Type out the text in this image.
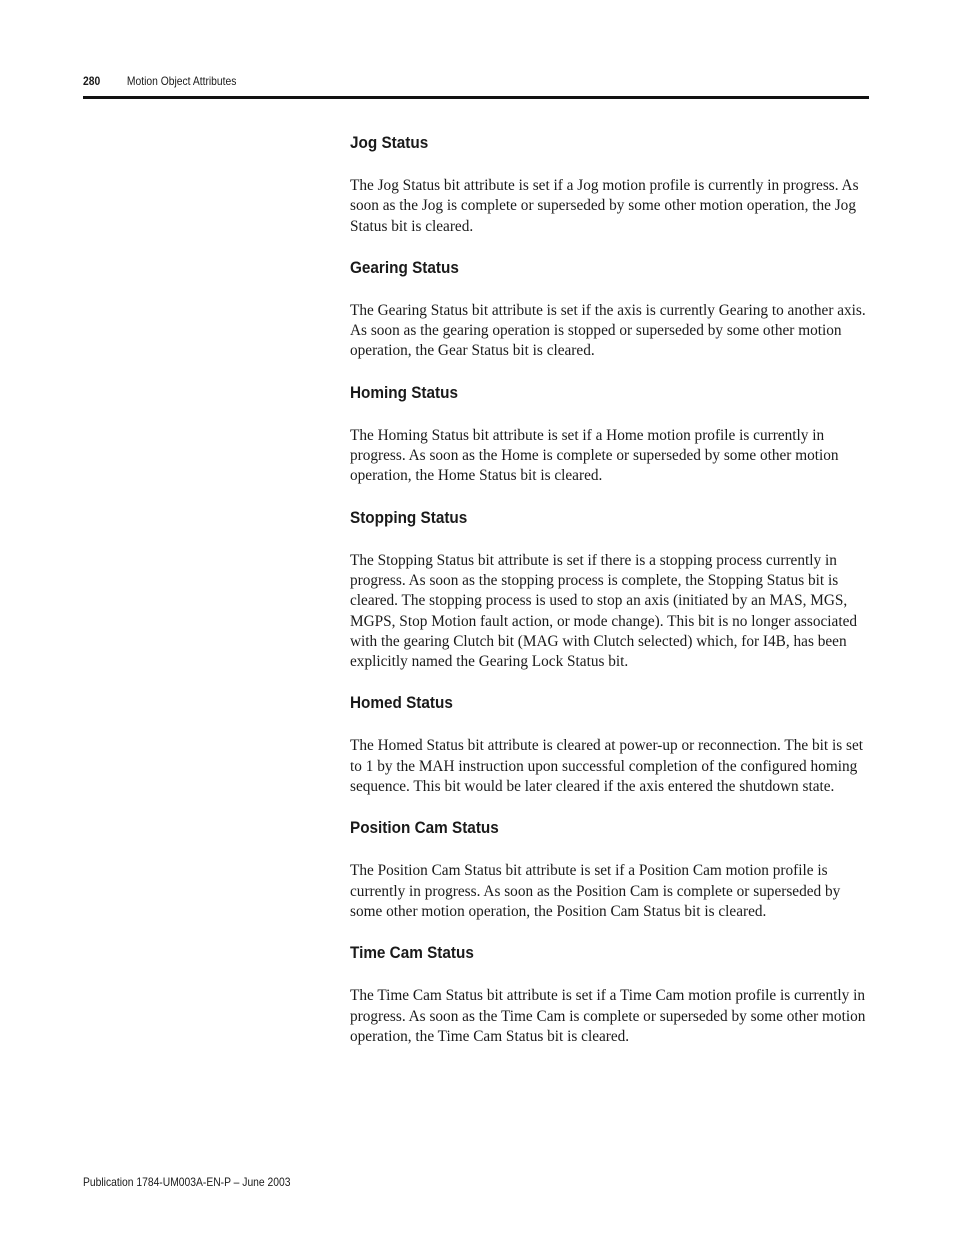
280 Motion Object Attributes
Jog Status

The Jog Status bit attribute is set if a Jog motion profile is currently in progress. As soon as the Jog is complete or superseded by some other motion operation, the Jog Status bit is cleared.

Gearing Status

The Gearing Status bit attribute is set if the axis is currently Gearing to another axis. As soon as the gearing operation is stopped or superseded by some other motion operation, the Gear Status bit is cleared.

Homing Status

The Homing Status bit attribute is set if a Home motion profile is currently in progress. As soon as the Home is complete or superseded by some other motion operation, the Home Status bit is cleared.

Stopping Status

The Stopping Status bit attribute is set if there is a stopping process currently in progress. As soon as the stopping process is complete, the Stopping Status bit is cleared. The stopping process is used to stop an axis (initiated by an MAS, MGS, MGPS, Stop Motion fault action, or mode change). This bit is no longer associated with the gearing Clutch bit (MAG with Clutch selected) which, for I4B, has been explicitly named the Gearing Lock Status bit.

Homed Status

The Homed Status bit attribute is cleared at power-up or reconnection. The bit is set to 1 by the MAH instruction upon successful completion of the configured homing sequence. This bit would be later cleared if the axis entered the shutdown state.

Position Cam Status

The Position Cam Status bit attribute is set if a Position Cam motion profile is currently in progress. As soon as the Position Cam is complete or superseded by some other motion operation, the Position Cam Status bit is cleared.

Time Cam Status

The Time Cam Status bit attribute is set if a Time Cam motion profile is currently in progress. As soon as the Time Cam is complete or superseded by some other motion operation, the Time Cam Status bit is cleared.

Publication 1784-UM003A-EN-P – June 2003
